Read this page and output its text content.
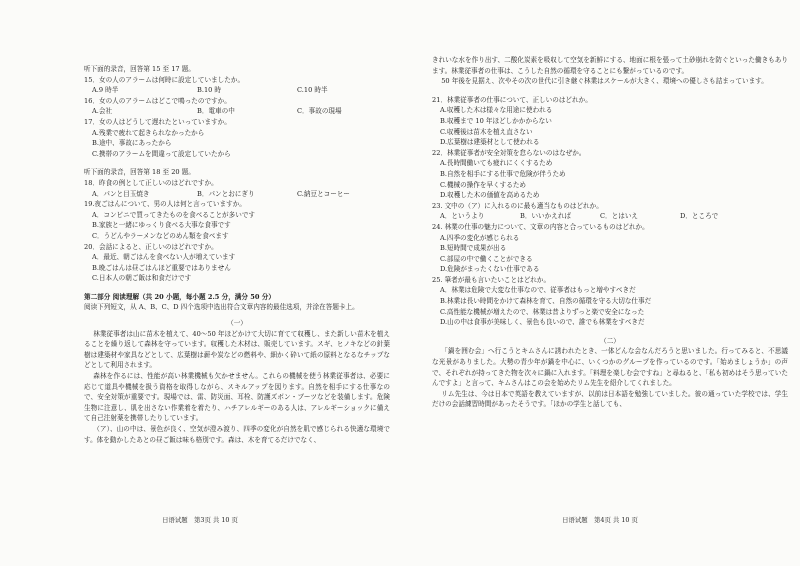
听下面的录音，回答第 15 至 17 题。
15．女の人のアラームは何時に設定していましたか。
A.9 時半	B.10 時	C.10 時半
16．女の人のアラームはどこで鳴ったのですか。
A.会社	B．電車の中	C．事故の現場
17．女の人はどうして遅れたといっていますか。
A.残業で疲れて起きられなかったから
B.途中、事故にあったから
C.携帯のアラームを間違って設定していたから
听下面的录音，回答第 18 至 20 题。
18．昨食の例として正しいのはどれですか。
A．パンと目玉焼き	B．パンとおにぎり	C.納豆とコーヒー
19.夜ごはんについて、男の人は何と言っていますか。
A．コンビニで買ってきたものを食べることが多いです
B.家族と一緒にゆっくり食べる大事な食事です
C．うどんやラーメンなどのめん類を食べます
20．会話によると、正しいのはどれですか。
A．最近、朝ごはんを食べない人が増えています
B.晩ごはんは昼ごはんほど重要ではありません
C.日本人の朝ご飯は和食だけです
第二部分 阅读理解（共 20 小题，每小题 2.5 分，满分 50 分）
阅读下列短文，从 A、B、C、D 四个选项中选出符合文章内容的最佳选项，并涂在答题卡上。
（一）
林業従事者は山に苗木を植えて、40〜50 年ほどかけて大切に育てて収穫し、また新しい苗木を植えることを繰り返して森林を守っています。収穫した木材は、販売しています。スギ、ヒノキなどの針葉樹は建築材や家具などとして、広葉樹は薪や炭などの燃料や、細かく砕いて紙の原料となるなチップなどとして利用されます。
森林を作るには、性能が高い林業機械も欠かせません。これらの機械を使う林業従事者は、必要に応じて道具や機械を扱う資格を取得しながら、スキルアップを図ります。自然を相手にする仕事なので、安全対策が重要です。現場では、雷、防災面、耳栓、防護ズボン・ブーツなどを装備します。危険生物に注意し、肌を出さない作業着を着たり、ハチアレルギーのある人は、アレルギーショックに備えて自己注射薬を携帯したりしています。
（ア）、山の中は、景色が良く、空気が澄み渡り、四季の変化が自然を肌で感じられる快適な環境です。体を動かしたあとの昼ご飯は味も格別です。森は、木を育てるだけでなく、
日语试题　第3页 共 10 页
きれいな水を作り出す、二酸化炭素を吸収して空気を新鮮にする、地面に根を張って土砂崩れを防ぐといった働きもあります。林業従事者の仕事は、こうした自然の循環を守ることにも繋がっているのです。
50 年後を見据え、次やその次の世代に引き継ぐ林業はスケールが大きく、環境への優しさも詰まっています。
21．林業従事者の仕事について、正しいのはどれか。
A.収穫した木は様々な用途に使われる
B.収穫まで 10 年ほどしかかからない
C.収穫後は苗木を植え直さない
D.広葉樹は建築材として使われる
22．林業従事者が安全対策を怠らないのはなぜか。
A.長時間働いても疲れにくくするため
B.自然を相手にする仕事で危険が伴うため
C.機械の操作を早くするため
D.収穫した木の価値を高めるため
23. 文中の（ア）に入れるのに最も適当なものはどれか。
A．というより	B．いいかえれば	C．とはいえ	D．ところで
24. 林業の仕事の魅力について、文章の内容と合っているものはどれか。
A.四季の変化が感じられる
B.短時間で成果が出る
C.部屋の中で働くことができる
D.危険がまったくない仕事である
25. 筆者が最も言いたいことはどれか。
A．林業は危険で大変な仕事なので、従事者はもっと増やすべきだ
B.林業は長い時間をかけて森林を育て、自然の循環を守る大切な仕事だ
C.高性能な機械が増えたので、林業は昔よりずっと楽で安全になった
D.山の中は食事が美味しく、景色も良いので、誰でも林業をすべきだ
（二）
「鍋を囲む会」へ行こうとキムさんに誘われたとき、一体どんな会なんだろうと思いました。行ってみると、不思議な光景がありました。大勢の青少年が鍋を中心に、いくつかのグループを作っているのです。「始めましょうか」の声で、それぞれが持ってきた物を次々に鍋に入れます。「料理を楽しむ会ですね」と尋ねると、「私も初めはそう思っていたんですよ」と言って、キムさんはこの会を始めたリム先生を紹介してくれました。
リム先生は、今は日本で英語を教えていますが、以前は日本語を勉強していました。彼の通っていた学校では、学生だけの会話練習時間があったそうです。「ほかの学生と話しても、
日语试题　第4页 共 10 页
